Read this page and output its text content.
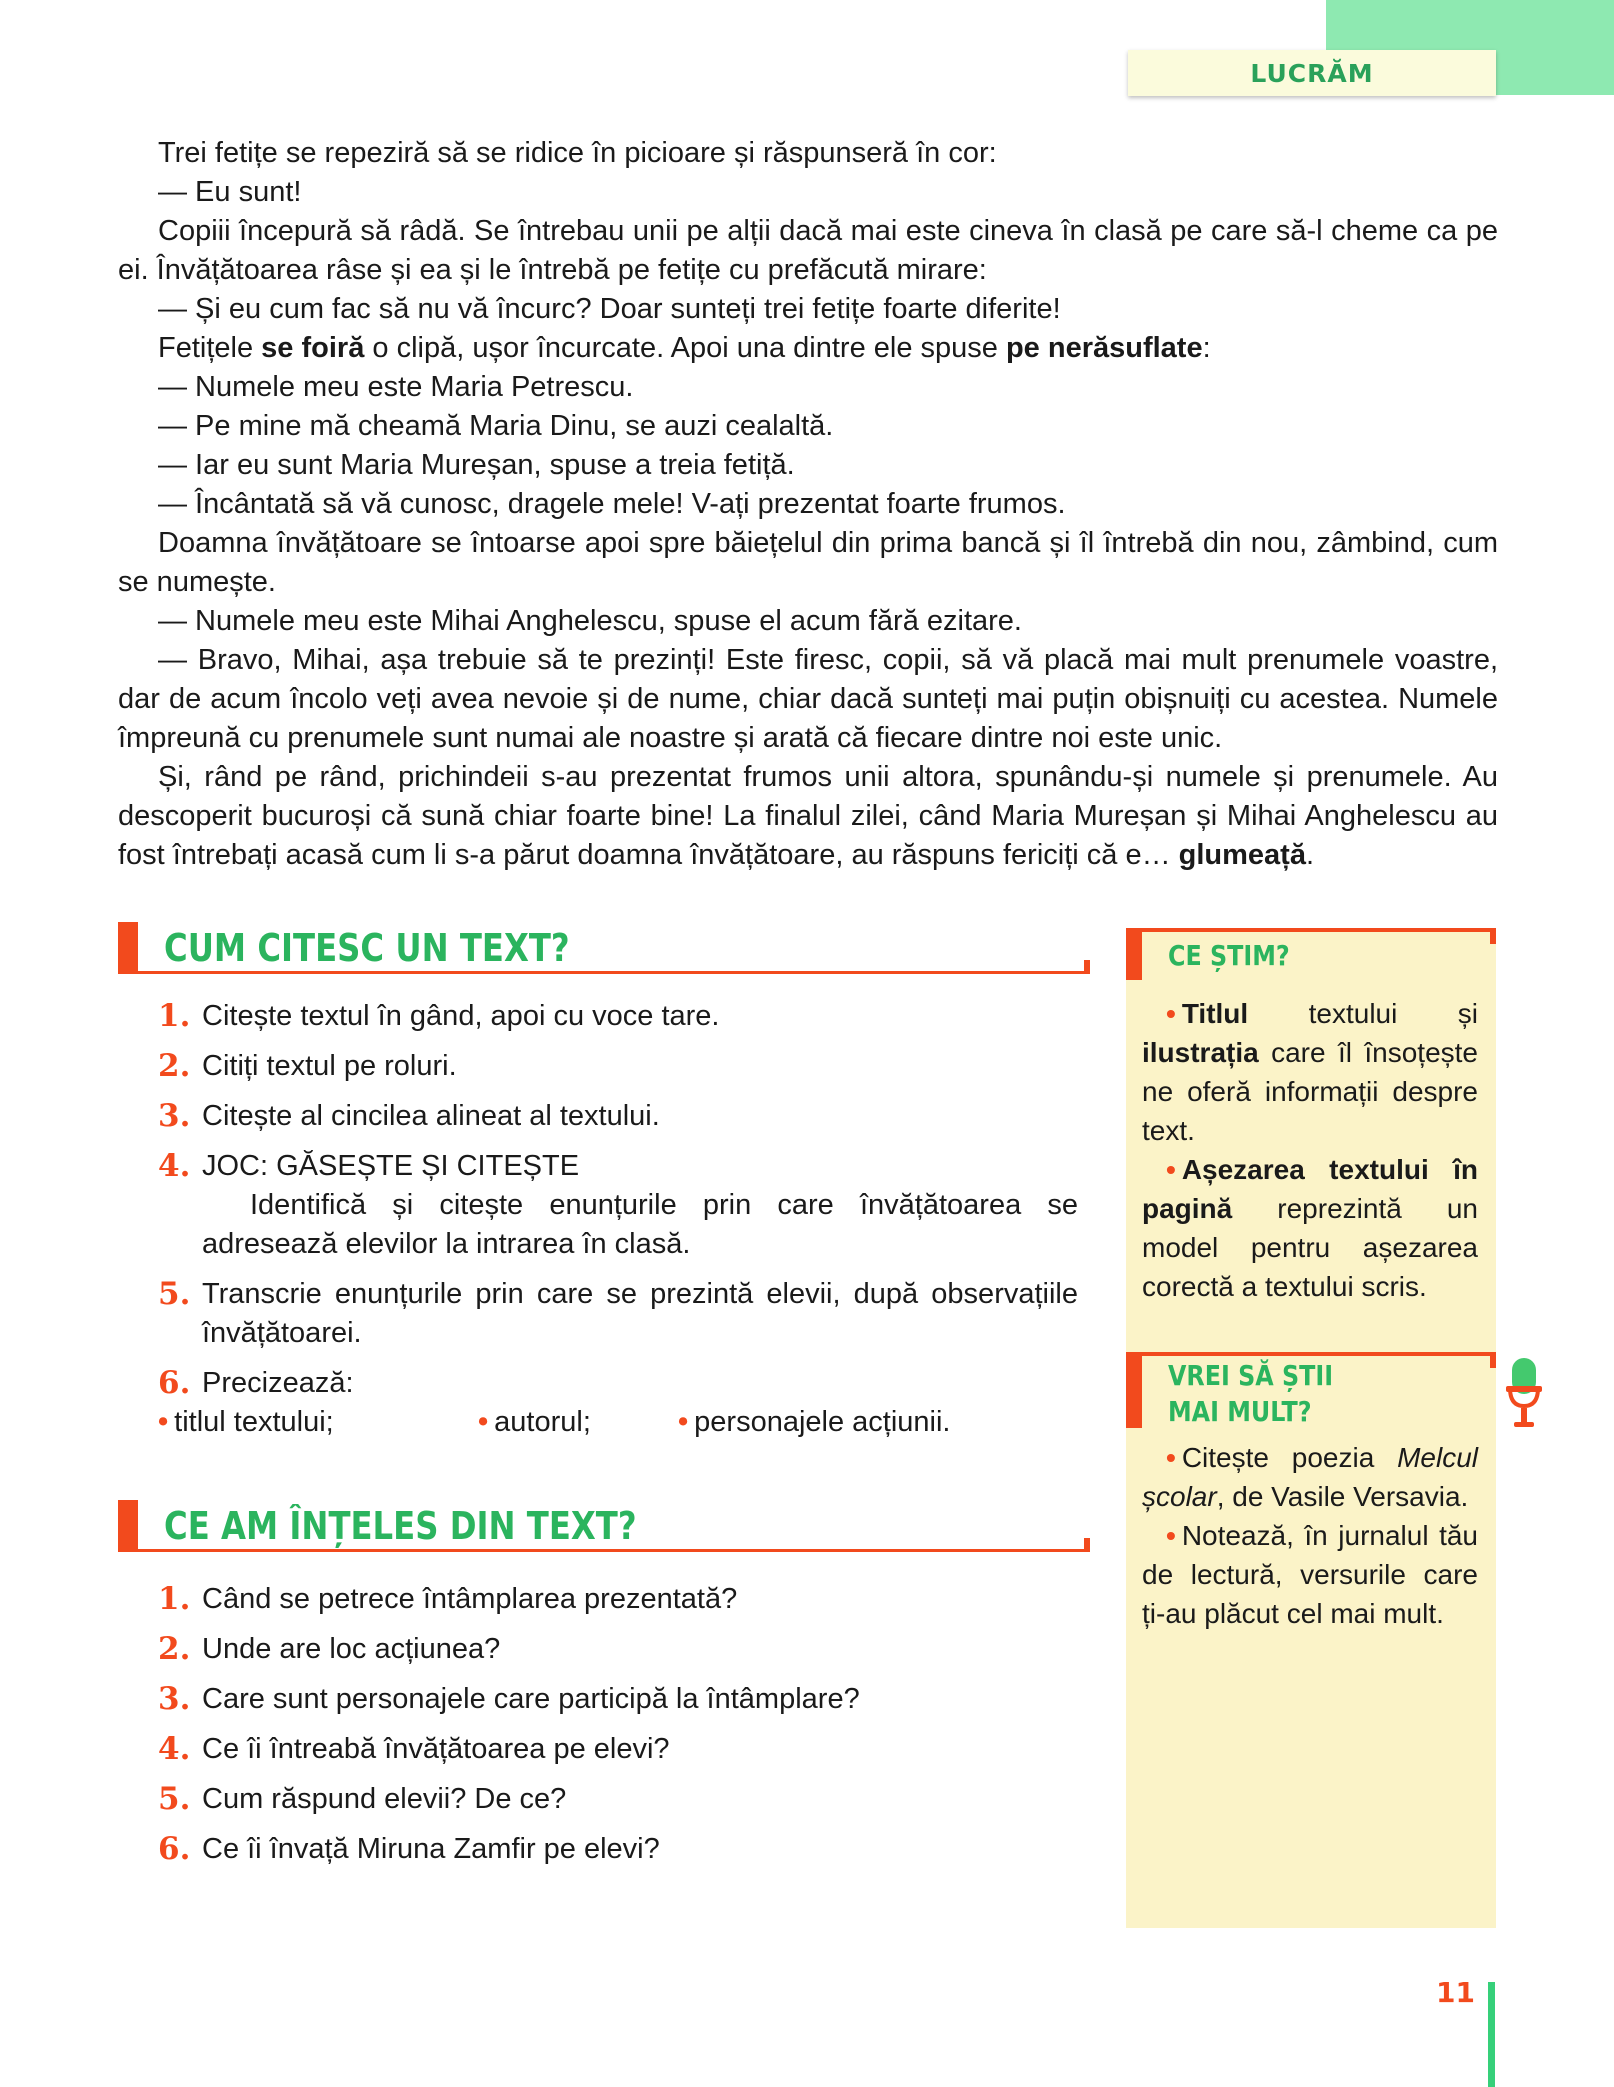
LUCRĂM

Trei fetițe se repeziră să se ridice în picioare și răspunseră în cor:

— Eu sunt!

Copiii începură să râdă. Se întrebau unii pe alții dacă mai este cineva în clasă pe care să-l cheme ca pe ei. Învățătoarea râse și ea și le întrebă pe fetițe cu prefăcută mirare:

— Și eu cum fac să nu vă încurc? Doar sunteți trei fetițe foarte diferite!

Fetițele se foiră o clipă, ușor încurcate. Apoi una dintre ele spuse pe nerăsuflate:

— Numele meu este Maria Petrescu.

— Pe mine mă cheamă Maria Dinu, se auzi cealaltă.

— Iar eu sunt Maria Mureșan, spuse a treia fetiță.

— Încântată să vă cunosc, dragele mele! V-ați prezentat foarte frumos.

Doamna învățătoare se întoarse apoi spre băiețelul din prima bancă și îl întrebă din nou, zâmbind, cum se numește.

— Numele meu este Mihai Anghelescu, spuse el acum fără ezitare.

— Bravo, Mihai, așa trebuie să te prezinți! Este firesc, copii, să vă placă mai mult prenumele voastre, dar de acum încolo veți avea nevoie și de nume, chiar dacă sunteți mai puțin obișnuiți cu acestea. Numele împreună cu prenumele sunt numai ale noastre și arată că fiecare dintre noi este unic.

Și, rând pe rând, prichindeii s-au prezentat frumos unii altora, spunându-și numele și prenumele. Au descoperit bucuroși că sună chiar foarte bine! La finalul zilei, când Maria Mureșan și Mihai Anghelescu au fost întrebați acasă cum li s-a părut doamna învățătoare, au răspuns fericiți că e… glumeață.

CUM CITESC UN TEXT?
1. Citește textul în gând, apoi cu voce tare.
2. Citiți textul pe roluri.
3. Citește al cincilea alineat al textului.
4. JOC: GĂSEȘTE ȘI CITEȘTE
Identifică și citește enunțurile prin care învățătoarea se adresează elevilor la intrarea în clasă.
5. Transcrie enunțurile prin care se prezintă elevii, după observațiile învățătoarei.
6. Precizează:
• titlul textului;	• autorul;	• personajele acțiunii.
CE AM ÎNȚELES DIN TEXT?
1. Când se petrece întâmplarea prezentată?
2. Unde are loc acțiunea?
3. Care sunt personajele care participă la întâmplare?
4. Ce îi întreabă învățătoarea pe elevi?
5. Cum răspund elevii? De ce?
6. Ce îi învață Miruna Zamfir pe elevi?
CE ȘTIM?

• Titlul textului și ilustrația care îl însoțește ne oferă informații despre text.

• Așezarea textului în pagină reprezintă un model pentru așezarea corectă a textului scris.

VREI SĂ ȘTII
MAI MULT?

• Citește poezia Melcul școlar, de Vasile Versavia.

• Notează, în jurnalul tău de lectură, versurile care ți-au plăcut cel mai mult.

11
